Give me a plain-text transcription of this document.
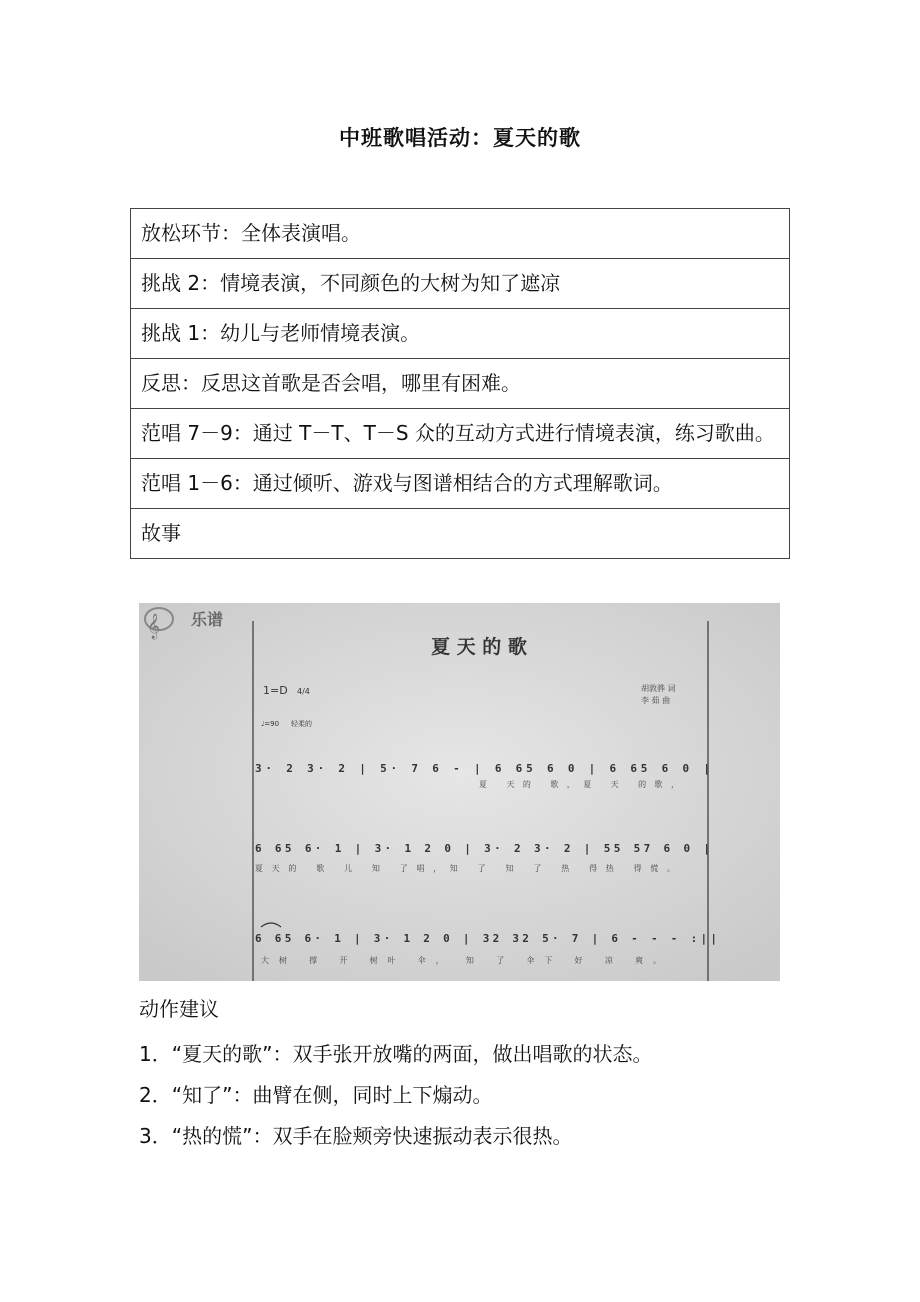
中班歌唱活动：夏天的歌
放松环节：全体表演唱。
挑战 2：情境表演，不同颜色的大树为知了遮凉
挑战 1：幼儿与老师情境表演。
反思：反思这首歌是否会唱，哪里有困难。
范唱 7－9：通过 T－T、T－S 众的互动方式进行情境表演，练习歌曲。
范唱 1－6：通过倾听、游戏与图谱相结合的方式理解歌词。
故事
𝄞 乐谱
夏 天 的 歌
1=D 4/4
♩=90 轻柔的
胡敦骅 词
李 茹 曲
3· 2 3· 2 | 5· 7 6 - | 6 65 6 0 | 6 65 6 0 |
夏 天的 歌，夏 天 的歌，
6 65 6· 1 | 3· 1 2 0 | 3· 2 3· 2 | 55 57 6 0 |
夏天的 歌 儿 知 了唱，知 了 知 了 热 得热 得慌。
6 65 6· 1 | 3· 1 2 0 | 32 32 5· 7 | 6 - - - :||
大树 撑 开 树叶 伞， 知 了 伞下 好 凉 爽。
动作建议
1．“夏天的歌”：双手张开放嘴的两面，做出唱歌的状态。
2．“知了”：曲臂在侧，同时上下煽动。
3．“热的慌”：双手在脸颊旁快速振动表示很热。
